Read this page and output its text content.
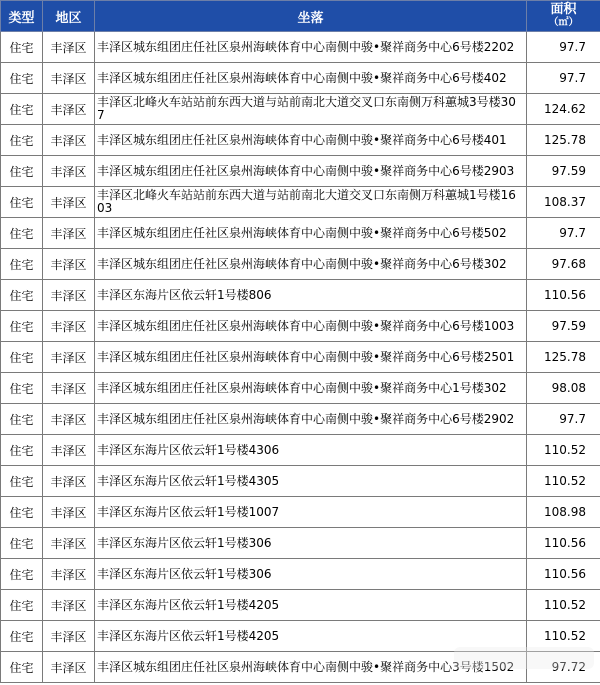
类型	地区	坐落	面积
（㎡）

住宅	丰泽区	丰泽区城东组团庄任社区泉州海峡体育中心南侧中骏•聚祥商务中心6号楼2202	97.7
住宅	丰泽区	丰泽区城东组团庄任社区泉州海峡体育中心南侧中骏•聚祥商务中心6号楼402	97.7
住宅	丰泽区	丰泽区北峰火车站站前东西大道与站前南北大道交叉口东南侧万科蕙城3号楼307	124.62
住宅	丰泽区	丰泽区城东组团庄任社区泉州海峡体育中心南侧中骏•聚祥商务中心6号楼401	125.78
住宅	丰泽区	丰泽区城东组团庄任社区泉州海峡体育中心南侧中骏•聚祥商务中心6号楼2903	97.59
住宅	丰泽区	丰泽区北峰火车站站前东西大道与站前南北大道交叉口东南侧万科蕙城1号楼1603	108.37
住宅	丰泽区	丰泽区城东组团庄任社区泉州海峡体育中心南侧中骏•聚祥商务中心6号楼502	97.7
住宅	丰泽区	丰泽区城东组团庄任社区泉州海峡体育中心南侧中骏•聚祥商务中心6号楼302	97.68
住宅	丰泽区	丰泽区东海片区依云轩1号楼806	110.56
住宅	丰泽区	丰泽区城东组团庄任社区泉州海峡体育中心南侧中骏•聚祥商务中心6号楼1003	97.59
住宅	丰泽区	丰泽区城东组团庄任社区泉州海峡体育中心南侧中骏•聚祥商务中心6号楼2501	125.78
住宅	丰泽区	丰泽区城东组团庄任社区泉州海峡体育中心南侧中骏•聚祥商务中心1号楼302	98.08
住宅	丰泽区	丰泽区城东组团庄任社区泉州海峡体育中心南侧中骏•聚祥商务中心6号楼2902	97.7
住宅	丰泽区	丰泽区东海片区依云轩1号楼4306	110.52
住宅	丰泽区	丰泽区东海片区依云轩1号楼4305	110.52
住宅	丰泽区	丰泽区东海片区依云轩1号楼1007	108.98
住宅	丰泽区	丰泽区东海片区依云轩1号楼306	110.56
住宅	丰泽区	丰泽区东海片区依云轩1号楼306	110.56
住宅	丰泽区	丰泽区东海片区依云轩1号楼4205	110.52
住宅	丰泽区	丰泽区东海片区依云轩1号楼4205	110.52
住宅	丰泽区	丰泽区城东组团庄任社区泉州海峡体育中心南侧中骏•聚祥商务中心3号楼1502	97.72
